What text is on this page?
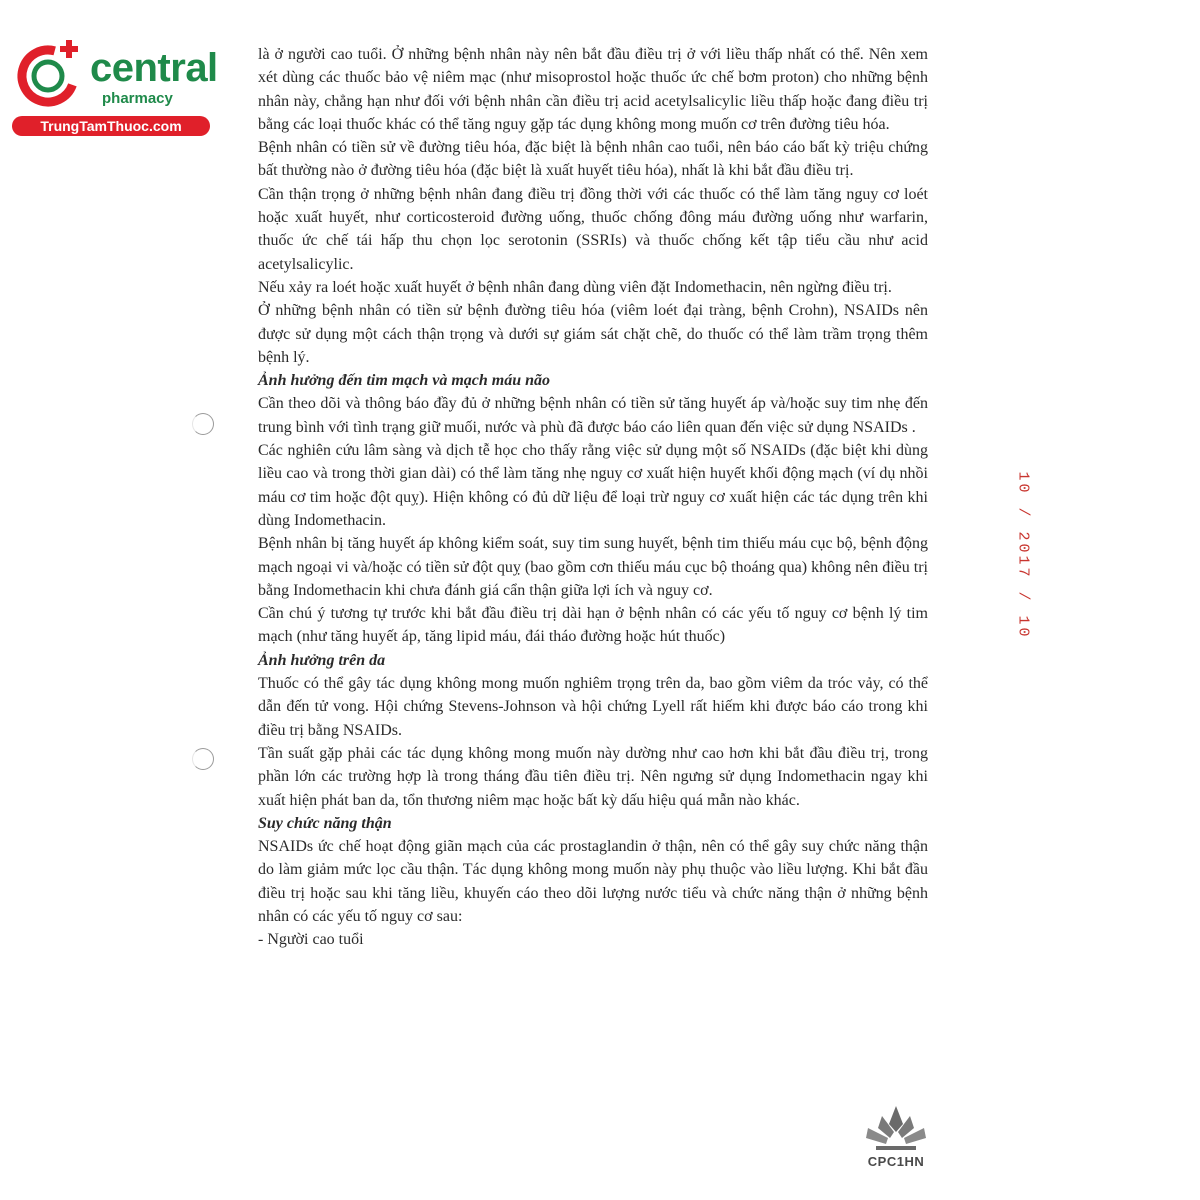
central
pharmacy
TrungTamThuoc.com
10 / 2017 / 10

là ở người cao tuổi. Ở những bệnh nhân này nên bắt đầu điều trị ở với liều thấp nhất có thể. Nên xem xét dùng các thuốc bảo vệ niêm mạc (như misoprostol hoặc thuốc ức chế bơm proton) cho những bệnh nhân này, chẳng hạn như đối với bệnh nhân cần điều trị acid acetylsalicylic liều thấp hoặc đang điều trị bằng các loại thuốc khác có thể tăng nguy gặp tác dụng không mong muốn cơ trên đường tiêu hóa.

Bệnh nhân có tiền sử về đường tiêu hóa, đặc biệt là bệnh nhân cao tuổi, nên báo cáo bất kỳ triệu chứng bất thường nào ở đường tiêu hóa (đặc biệt là xuất huyết tiêu hóa), nhất là khi bắt đầu điều trị.

Cần thận trọng ở những bệnh nhân đang điều trị đồng thời với các thuốc có thể làm tăng nguy cơ loét hoặc xuất huyết, như corticosteroid đường uống, thuốc chống đông máu đường uống như warfarin, thuốc ức chế tái hấp thu chọn lọc serotonin (SSRIs) và thuốc chống kết tập tiểu cầu như acid acetylsalicylic.

Nếu xảy ra loét hoặc xuất huyết ở bệnh nhân đang dùng viên đặt Indomethacin, nên ngừng điều trị.

Ở những bệnh nhân có tiền sử bệnh đường tiêu hóa (viêm loét đại tràng, bệnh Crohn), NSAIDs nên được sử dụng một cách thận trọng và dưới sự giám sát chặt chẽ, do thuốc có thể làm trầm trọng thêm bệnh lý.

Ảnh hưởng đến tim mạch và mạch máu não

Cần theo dõi và thông báo đầy đủ ở những bệnh nhân có tiền sử tăng huyết áp và/hoặc suy tim nhẹ đến trung bình với tình trạng giữ muối, nước và phù đã được báo cáo liên quan đến việc sử dụng NSAIDs .

Các nghiên cứu lâm sàng và dịch tễ học cho thấy rằng việc sử dụng một số NSAIDs (đặc biệt khi dùng liều cao và trong thời gian dài) có thể làm tăng nhẹ nguy cơ xuất hiện huyết khối động mạch (ví dụ nhồi máu cơ tim hoặc đột quỵ). Hiện không có đủ dữ liệu để loại trừ nguy cơ xuất hiện các tác dụng trên khi dùng Indomethacin.

Bệnh nhân bị tăng huyết áp không kiểm soát, suy tim sung huyết, bệnh tim thiếu máu cục bộ, bệnh động mạch ngoại vi và/hoặc có tiền sử đột quỵ (bao gồm cơn thiếu máu cục bộ thoáng qua) không nên điều trị bằng Indomethacin khi chưa đánh giá cẩn thận giữa lợi ích và nguy cơ.

Cần chú ý tương tự trước khi bắt đầu điều trị dài hạn ở bệnh nhân có các yếu tố nguy cơ bệnh lý tim mạch (như tăng huyết áp, tăng lipid máu, đái tháo đường hoặc hút thuốc)

Ảnh hưởng trên da

Thuốc có thể gây tác dụng không mong muốn nghiêm trọng trên da, bao gồm viêm da tróc vảy, có thể dẫn đến tử vong. Hội chứng Stevens-Johnson và hội chứng Lyell rất hiếm khi được báo cáo trong khi điều trị bằng NSAIDs.

Tần suất gặp phải các tác dụng không mong muốn này dường như cao hơn khi bắt đầu điều trị, trong phần lớn các trường hợp là trong tháng đầu tiên điều trị. Nên ngưng sử dụng Indomethacin ngay khi xuất hiện phát ban da, tổn thương niêm mạc hoặc bất kỳ dấu hiệu quá mẫn nào khác.

Suy chức năng thận

NSAIDs ức chế hoạt động giãn mạch của các prostaglandin ở thận, nên có thể gây suy chức năng thận do làm giảm mức lọc cầu thận. Tác dụng không mong muốn này phụ thuộc vào liều lượng. Khi bắt đầu điều trị hoặc sau khi tăng liều, khuyến cáo theo dõi lượng nước tiểu và chức năng thận ở những bệnh nhân có các yếu tố nguy cơ sau:

- Người cao tuổi

CPC1HN
